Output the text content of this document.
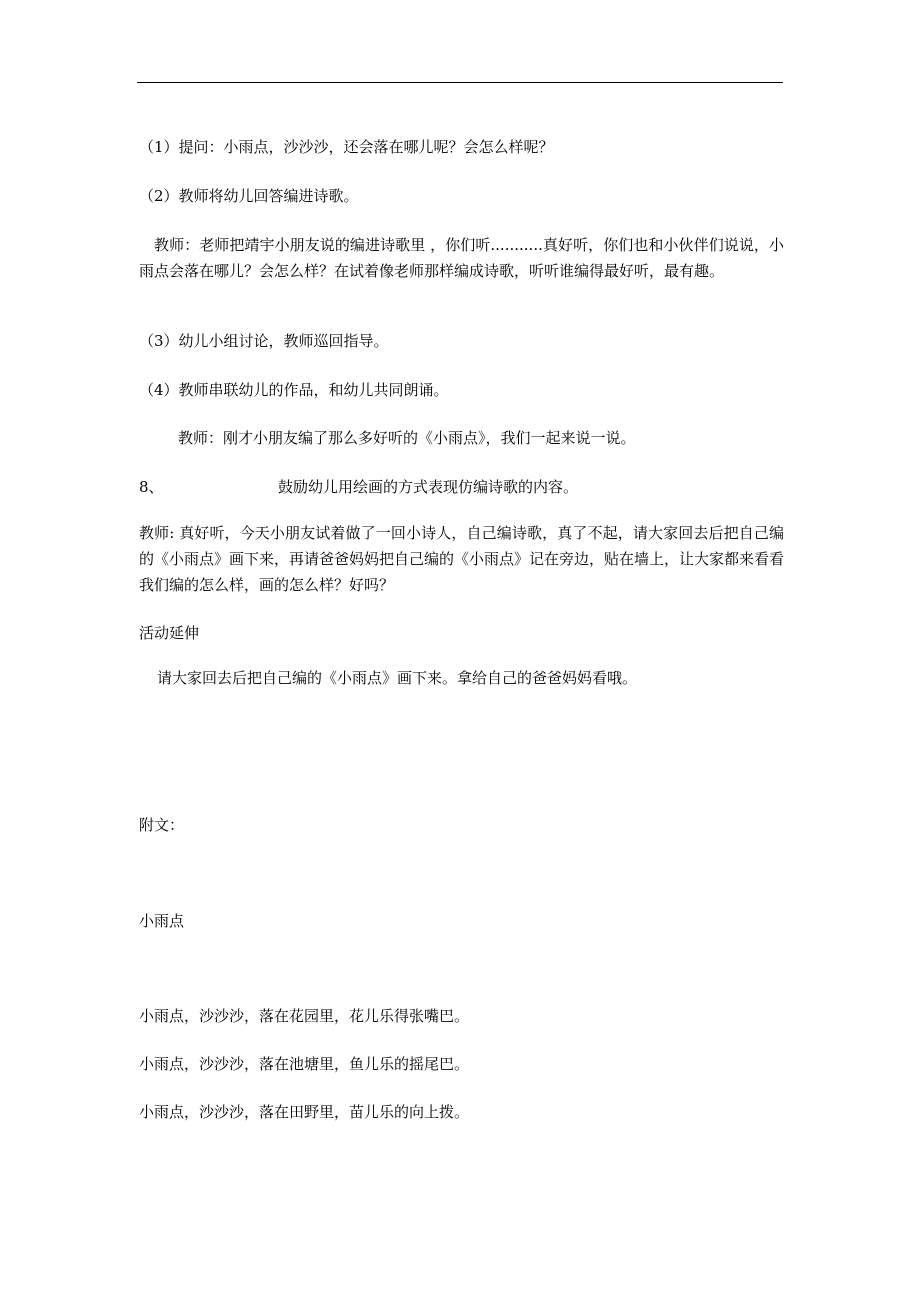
（1）提问：小雨点，沙沙沙，还会落在哪儿呢？会怎么样呢？

（2）教师将幼儿回答编进诗歌。

教师：老师把靖宇小朋友说的编进诗歌里 ，你们听...........真好听，你们也和小伙伴们说说，小雨点会落在哪儿？会怎么样？在试着像老师那样编成诗歌，听听谁编得最好听，最有趣。

（3）幼儿小组讨论，教师巡回指导。

（4）教师串联幼儿的作品，和幼儿共同朗诵。

教师：刚才小朋友编了那么多好听的《小雨点》，我们一起来说一说。

8、	鼓励幼儿用绘画的方式表现仿编诗歌的内容。

教师: 真好听，今天小朋友试着做了一回小诗人，自己编诗歌，真了不起，请大家回去后把自己编的《小雨点》画下来，再请爸爸妈妈把自己编的《小雨点》记在旁边，贴在墙上，让大家都来看看我们编的怎么样，画的怎么样？好吗？

活动延伸

请大家回去后把自己编的《小雨点》画下来。拿给自己的爸爸妈妈看哦。

附文：

小雨点

小雨点，沙沙沙，落在花园里，花儿乐得张嘴巴。

小雨点，沙沙沙，落在池塘里，鱼儿乐的摇尾巴。

小雨点，沙沙沙，落在田野里，苗儿乐的向上拨。
